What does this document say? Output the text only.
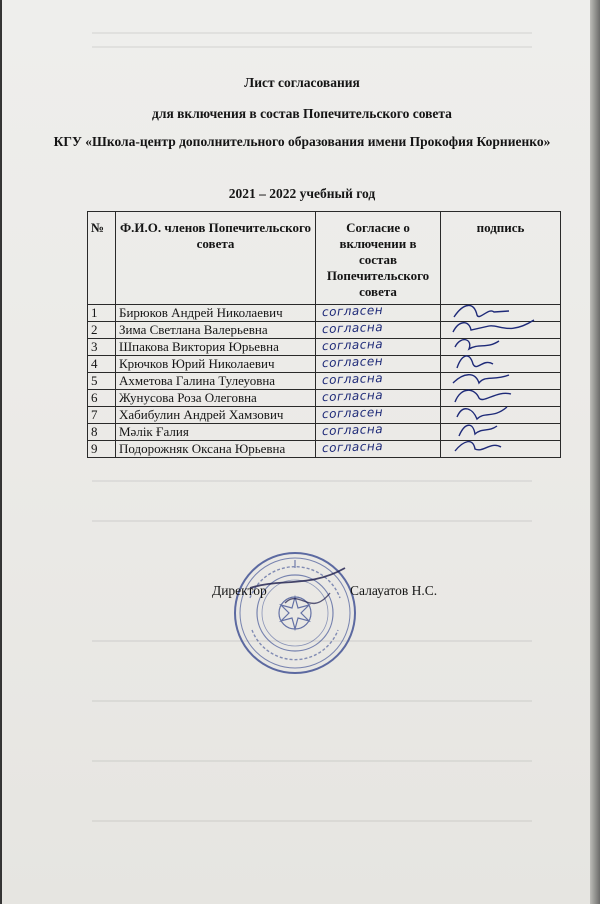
Лист согласования
для включения в состав Попечительского совета
КГУ «Школа-центр дополнительного образования имени Прокофия Корниенко»
2021 – 2022 учебный год
№	Ф.И.О. членов Попечительского совета	Согласие о включении в состав Попечительского совета	подпись
1	Бирюков Андрей Николаевич	согласен

2	Зима Светлана Валерьевна	согласна

3	Шпакова Виктория Юрьевна	согласна

4	Крючков Юрий Николаевич	согласен

5	Ахметова Галина Тулеуовна	согласна

6	Жунусова Роза Олеговна	согласна

7	Хабибулин Андрей Хамзович	согласен

8	Мәлік Ғалия	согласна

9	Подорожняк Оксана Юрьевна	согласна

Директор	Салауатов Н.С.
